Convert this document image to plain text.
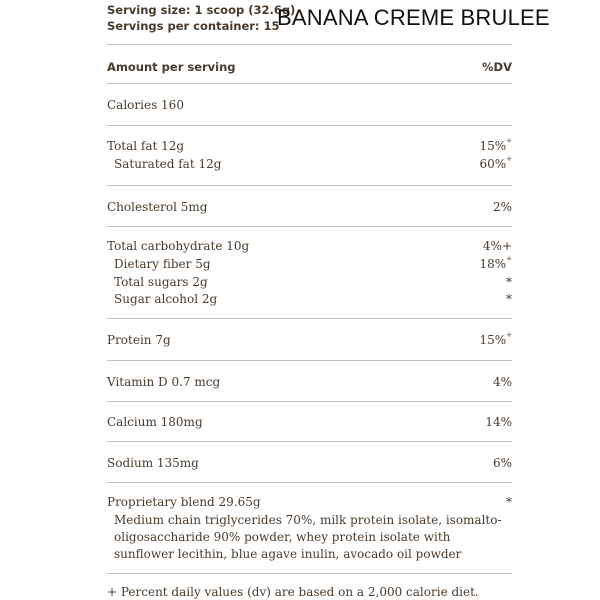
Serving size: 1 scoop (32.6g)
Servings per container: 15
BANANA CREME BRULEE
Amount per serving	%DV
Calories 160
Total fat 12g	15%+
Saturated fat 12g	60%+
Cholesterol 5mg	2%
Total carbohydrate 10g	4%+
Dietary fiber 5g	18%+
Total sugars 2g	*
Sugar alcohol 2g	*
Protein 7g	15%+
Vitamin D 0.7 mcg	4%
Calcium 180mg	14%
Sodium 135mg	6%
Proprietary blend 29.65g	*
Medium chain triglycerides 70%, milk protein isolate, isomalto-oligosaccharide 90% powder, whey protein isolate with sunflower lecithin, blue agave inulin, avocado oil powder
+ Percent daily values (dv) are based on a 2,000 calorie diet.
